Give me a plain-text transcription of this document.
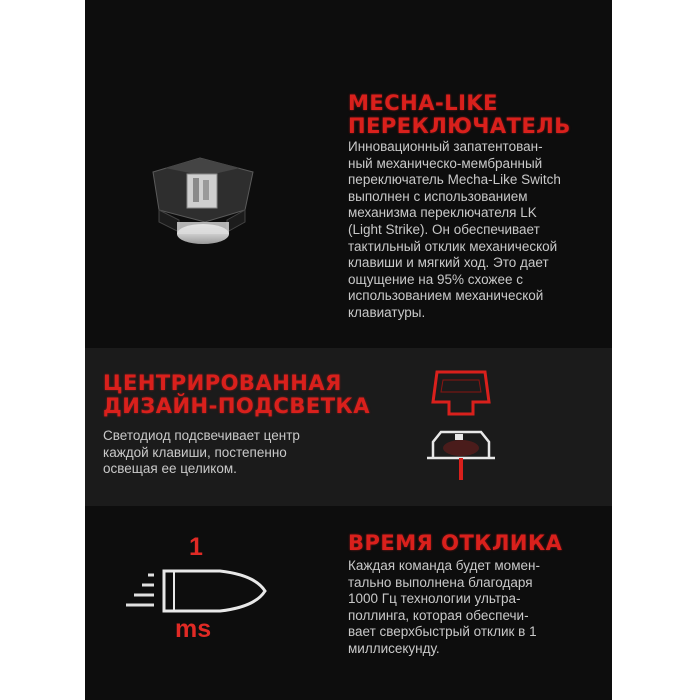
MECHA-LIKE
ПЕРЕКЛЮЧАТЕЛЬ
Инновационный запатентован-
ный механическо-мембранный
переключатель Mecha-Like Switch
выполнен с использованием
механизма переключателя LK
(Light Strike). Он обеспечивает
тактильный отклик механической
клавиши и мягкий ход. Это дает
ощущение на 95% схожее с
использованием механической
клавиатуры.
ЦЕНТРИРОВАННАЯ
ДИЗАЙН-ПОДСВЕТКА
Светодиод подсвечивает центр
каждой клавиши, постепенно
освещая ее целиком.
1
ms
ВРЕМЯ ОТКЛИКА
Каждая команда будет момен-
тально выполнена благодаря
1000 Гц технологии ультра-
поллинга, которая обеспечи-
вает сверхбыстрый отклик в 1
миллисекунду.
